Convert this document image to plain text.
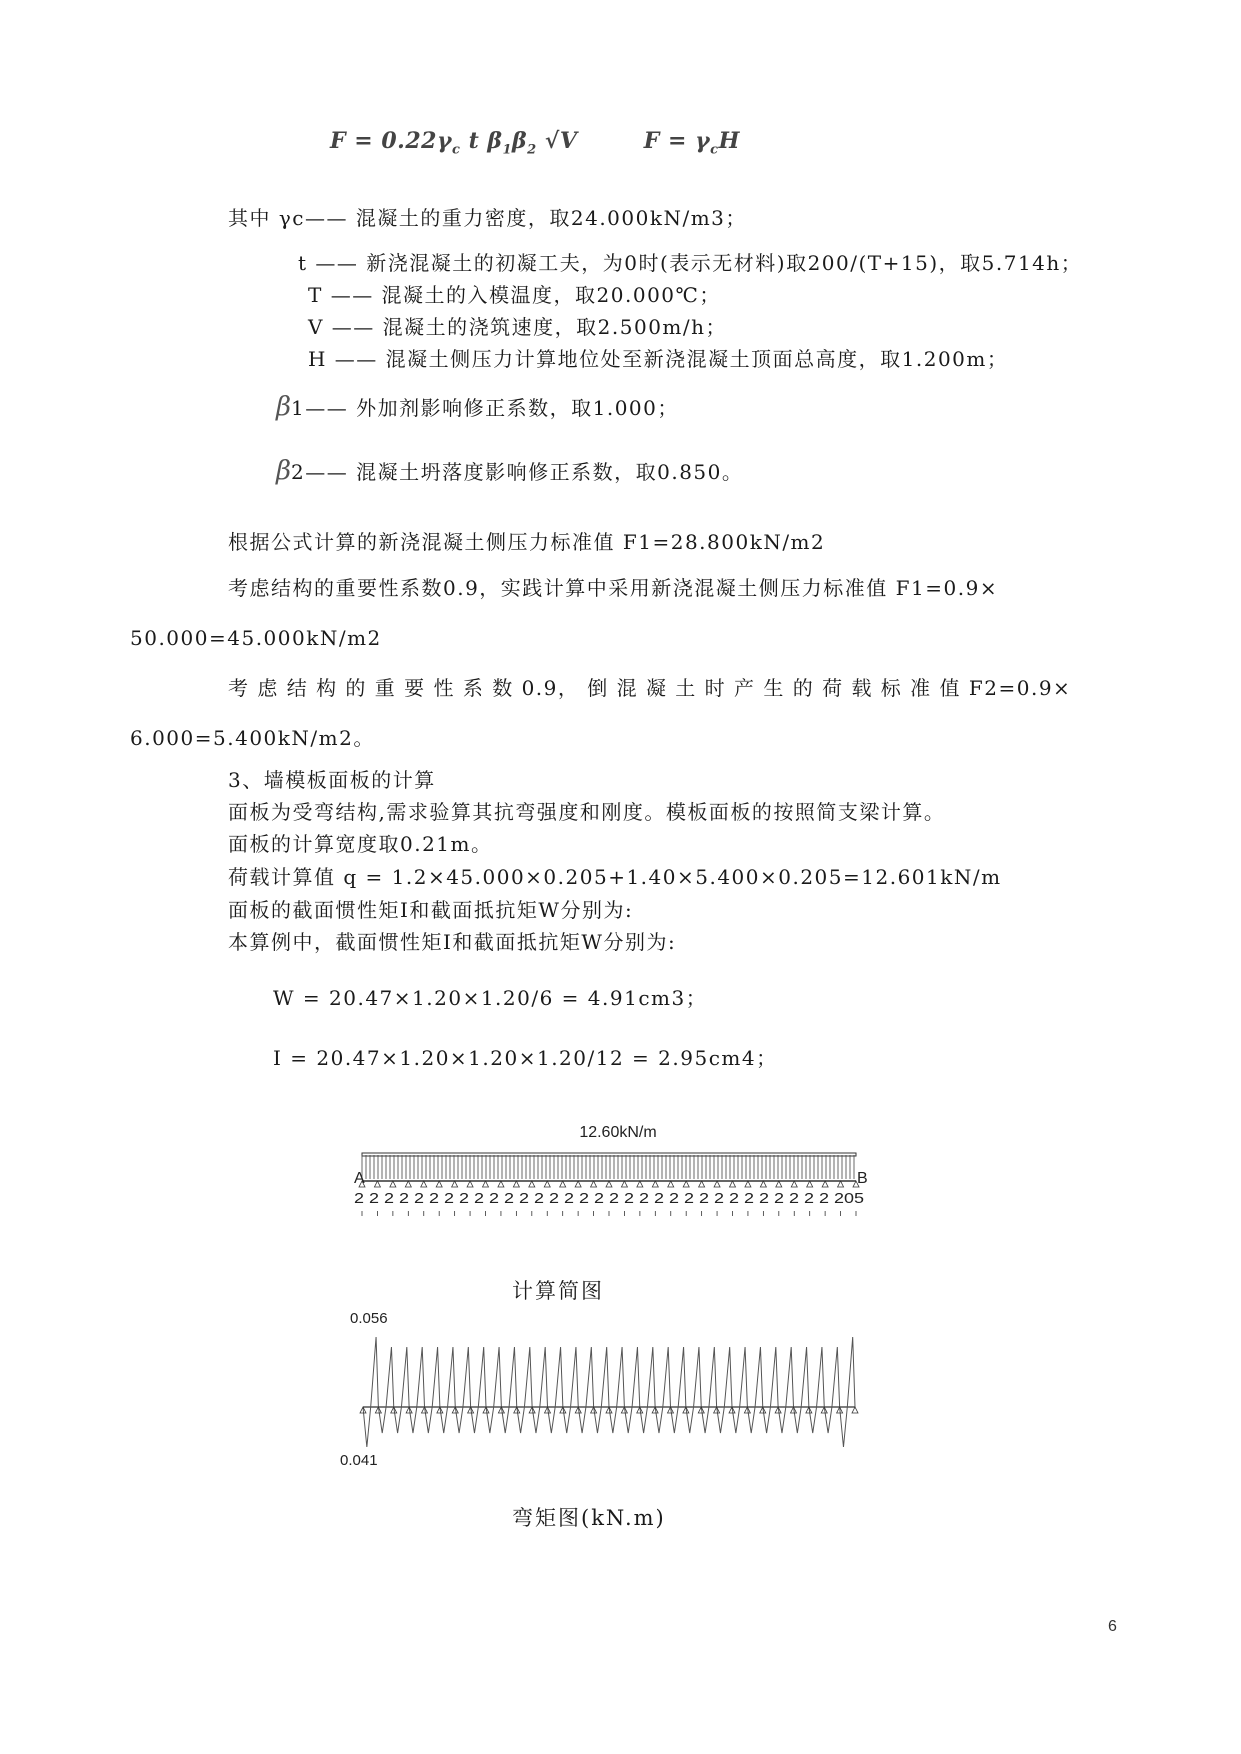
$F = 0.22\gamma_c$ t $\beta_1\beta_2$ √V	$F = \gamma_cH$
其中 γc—— 混凝土的重力密度，取24.000kN/m3；
t —— 新浇混凝土的初凝工夫，为0时(表示无材料)取200/(T+15)，取5.714h；
T —— 混凝土的入模温度，取20.000℃；
V —— 混凝土的浇筑速度，取2.500m/h；
H —— 混凝土侧压力计算地位处至新浇混凝土顶面总高度，取1.200m；
β1—— 外加剂影响修正系数，取1.000；
β2—— 混凝土坍落度影响修正系数，取0.850。
根据公式计算的新浇混凝土侧压力标准值 F1=28.800kN/m2
考虑结构的重要性系数0.9，实践计算中采用新浇混凝土侧压力标准值 F1=0.9×
50.000=45.000kN/m2
考 虑 结 构 的 重 要 性 系 数 0.9， 倒 混 凝 土 时 产 生 的 荷 载 标 准 值 F2=0.9×
6.000=5.400kN/m2。
3、墙模板面板的计算
面板为受弯结构,需求验算其抗弯强度和刚度。模板面板的按照简支梁计算。
面板的计算宽度取0.21m。
荷载计算值 q = 1.2×45.000×0.205+1.40×5.400×0.205=12.601kN/m
面板的截面惯性矩I和截面抵抗矩W分别为:
本算例中，截面惯性矩I和截面抵抗矩W分别为:
W = 20.47×1.20×1.20/6 = 4.91cm3；
I = 20.47×1.20×1.20×1.20/12 = 2.95cm4；
12.60kN/m
A	B
2 2 2 2 2 2 2 2 2 2 2 2 2 2 2 2 2 2 2 2 2 2 2 2 2 2 2 2 2 2 2 2 205
计算简图
0.056
0.041
弯矩图(kN.m)
6
